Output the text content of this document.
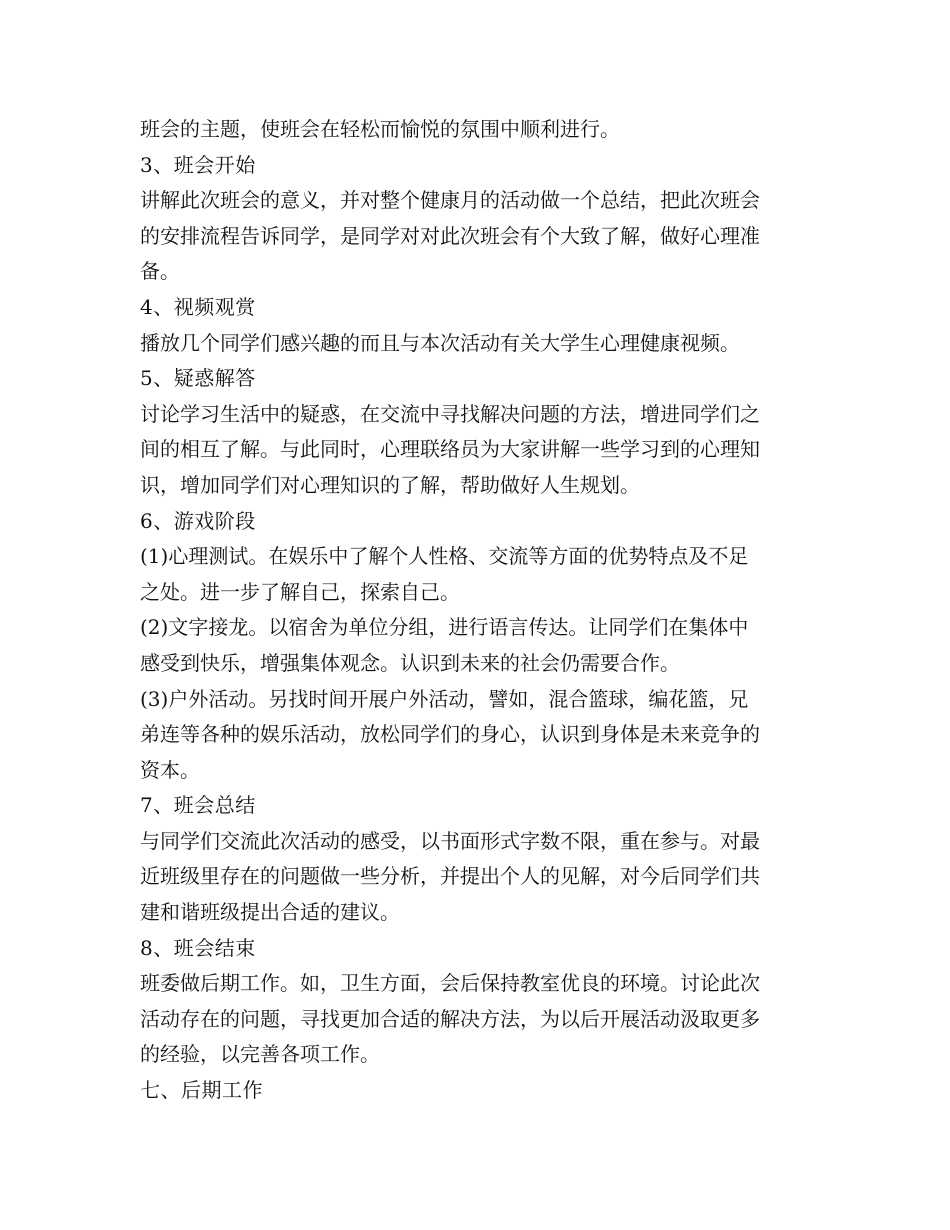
班会的主题，使班会在轻松而愉悦的氛围中顺利进行。
3、班会开始
讲解此次班会的意义，并对整个健康月的活动做一个总结，把此次班会
的安排流程告诉同学，是同学对对此次班会有个大致了解，做好心理准
备。
4、视频观赏
播放几个同学们感兴趣的而且与本次活动有关大学生心理健康视频。
5、疑惑解答
讨论学习生活中的疑惑，在交流中寻找解决问题的方法，增进同学们之
间的相互了解。与此同时，心理联络员为大家讲解一些学习到的心理知
识，增加同学们对心理知识的了解，帮助做好人生规划。
6、游戏阶段
(1)心理测试。在娱乐中了解个人性格、交流等方面的优势特点及不足
之处。进一步了解自己，探索自己。
(2)文字接龙。以宿舍为单位分组，进行语言传达。让同学们在集体中
感受到快乐，增强集体观念。认识到未来的社会仍需要合作。
(3)户外活动。另找时间开展户外活动，譬如，混合篮球，编花篮，兄
弟连等各种的娱乐活动，放松同学们的身心，认识到身体是未来竞争的
资本。
7、班会总结
与同学们交流此次活动的感受，以书面形式字数不限，重在参与。对最
近班级里存在的问题做一些分析，并提出个人的见解，对今后同学们共
建和谐班级提出合适的建议。
8、班会结束
班委做后期工作。如，卫生方面，会后保持教室优良的环境。讨论此次
活动存在的问题，寻找更加合适的解决方法，为以后开展活动汲取更多
的经验，以完善各项工作。
七、后期工作
